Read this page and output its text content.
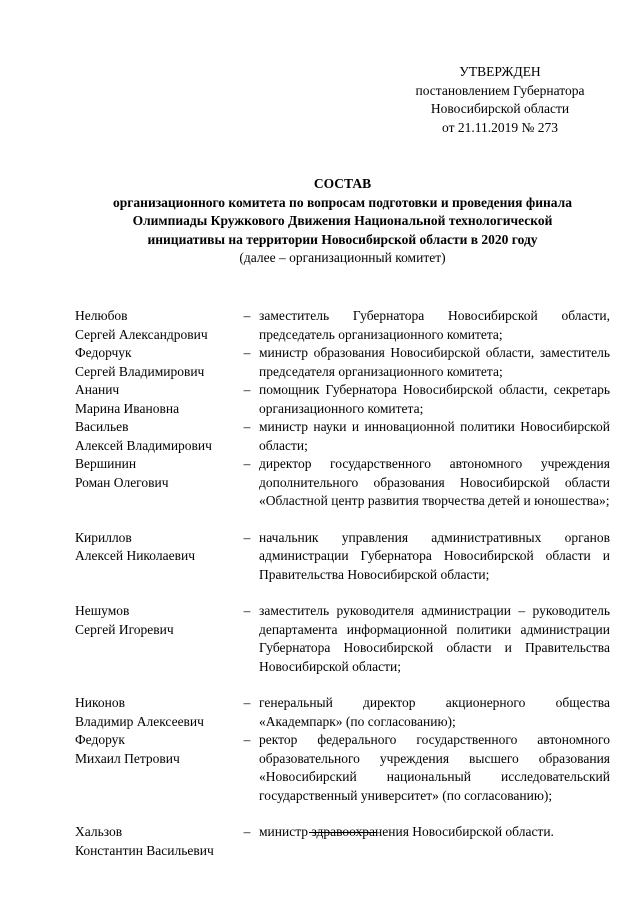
УТВЕРЖДЕН
постановлением Губернатора
Новосибирской области
от 21.11.2019 № 273
СОСТАВ
организационного комитета по вопросам подготовки и проведения финала
Олимпиады Кружкового Движения Национальной технологической
инициативы на территории Новосибирской области в 2020 году
(далее – организационный комитет)
Нелюбов
Сергей Александрович
– заместитель Губернатора Новосибирской области, председатель организационного комитета;
Федорчук
Сергей Владимирович
– министр образования Новосибирской области, заместитель председателя организационного комитета;
Ананич
Марина Ивановна
– помощник Губернатора Новосибирской области, секретарь организационного комитета;
Васильев
Алексей Владимирович
– министр науки и инновационной политики Новосибирской области;
Вершинин
Роман Олегович
– директор государственного автономного учреждения дополнительного образования Новосибирской области «Областной центр развития творчества детей и юношества»;
Кириллов
Алексей Николаевич
– начальник управления административных органов администрации Губернатора Новосибирской области и Правительства Новосибирской области;
Нешумов
Сергей Игоревич
– заместитель руководителя администрации – руководитель департамента информационной политики администрации Губернатора Новосибирской области и Правительства Новосибирской области;
Никонов
Владимир Алексеевич
– генеральный директор акционерного общества «Академпарк» (по согласованию);
Федорук
Михаил Петрович
– ректор федерального государственного автономного образовательного учреждения высшего образования «Новосибирский национальный исследовательский государственный университет» (по согласованию);
Хальзов
Константин Васильевич
– министр здравоохранения Новосибирской области.
